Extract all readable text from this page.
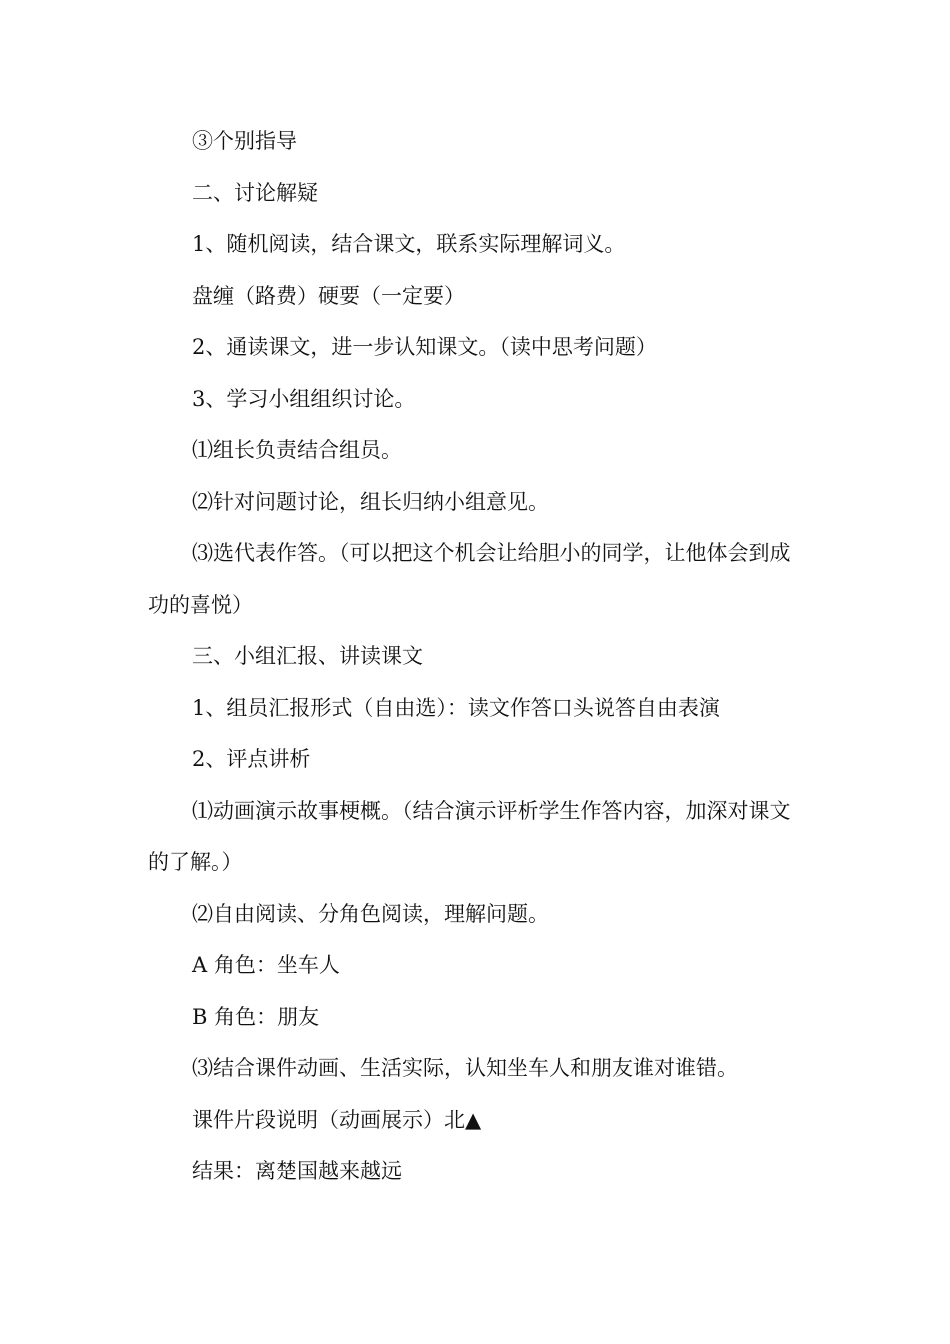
③个别指导

二、讨论解疑

1、随机阅读，结合课文，联系实际理解词义。

盘缠（路费）硬要（一定要）

2、通读课文，进一步认知课文。（读中思考问题）

3、学习小组组织讨论。

⑴组长负责结合组员。

⑵针对问题讨论，组长归纳小组意见。

⑶选代表作答。（可以把这个机会让给胆小的同学，让他体会到成功的喜悦）

三、小组汇报、讲读课文

1、组员汇报形式（自由选）：读文作答口头说答自由表演

2、评点讲析

⑴动画演示故事梗概。（结合演示评析学生作答内容，加深对课文的了解。）

⑵自由阅读、分角色阅读，理解问题。

A 角色：坐车人

B 角色：朋友

⑶结合课件动画、生活实际，认知坐车人和朋友谁对谁错。

课件片段说明（动画展示）北▲

结果：离楚国越来越远
